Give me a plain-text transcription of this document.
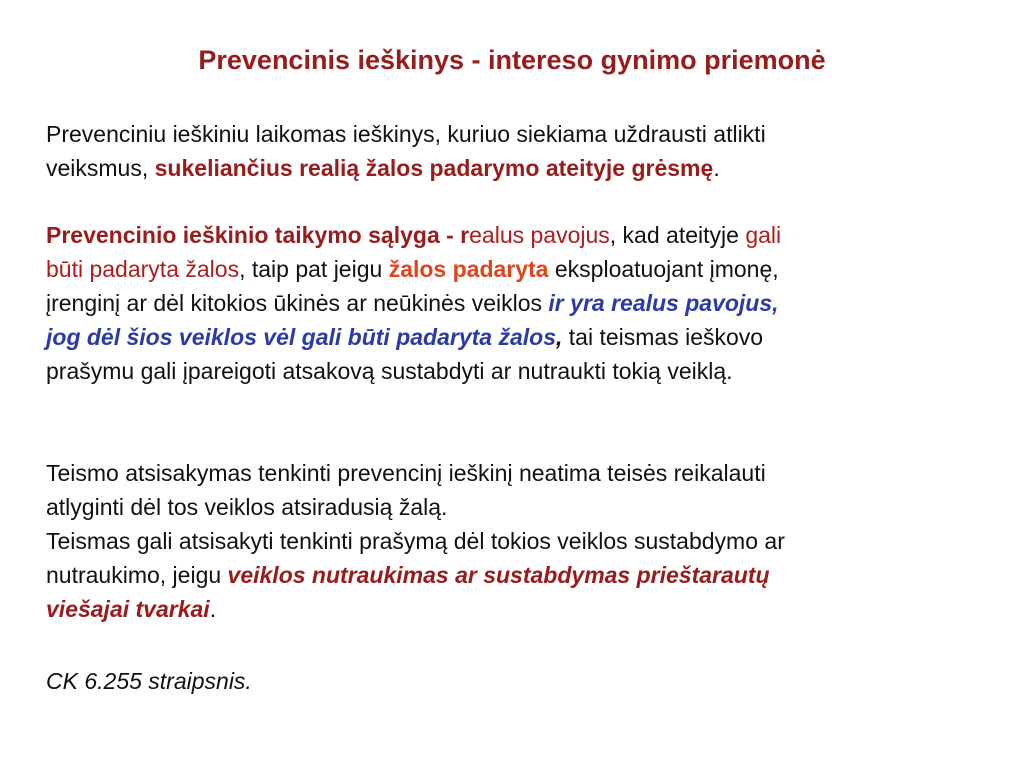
Prevencinis ieškinys - intereso gynimo priemonė
Prevenciniu ieškiniu laikomas ieškinys, kuriuo siekiama uždrausti atlikti
veiksmus, sukeliančius realią žalos padarymo ateityje grėsmę.
Prevencinio ieškinio taikymo sąlyga - realus pavojus, kad ateityje gali
būti padaryta žalos, taip pat jeigu žalos padaryta eksploatuojant įmonę,
įrenginį ar dėl kitokios ūkinės ar neūkinės veiklos ir yra realus pavojus,
jog dėl šios veiklos vėl gali būti padaryta žalos, tai teismas ieškovo
prašymu gali įpareigoti atsakovą sustabdyti ar nutraukti tokią veiklą.
Teismo atsisakymas tenkinti prevencinį ieškinį neatima teisės reikalauti
atlyginti dėl tos veiklos atsiradusią žalą.
Teismas gali atsisakyti tenkinti prašymą dėl tokios veiklos sustabdymo ar
nutraukimo, jeigu veiklos nutraukimas ar sustabdymas prieštarautų
viešajai tvarkai.
CK 6.255 straipsnis.
